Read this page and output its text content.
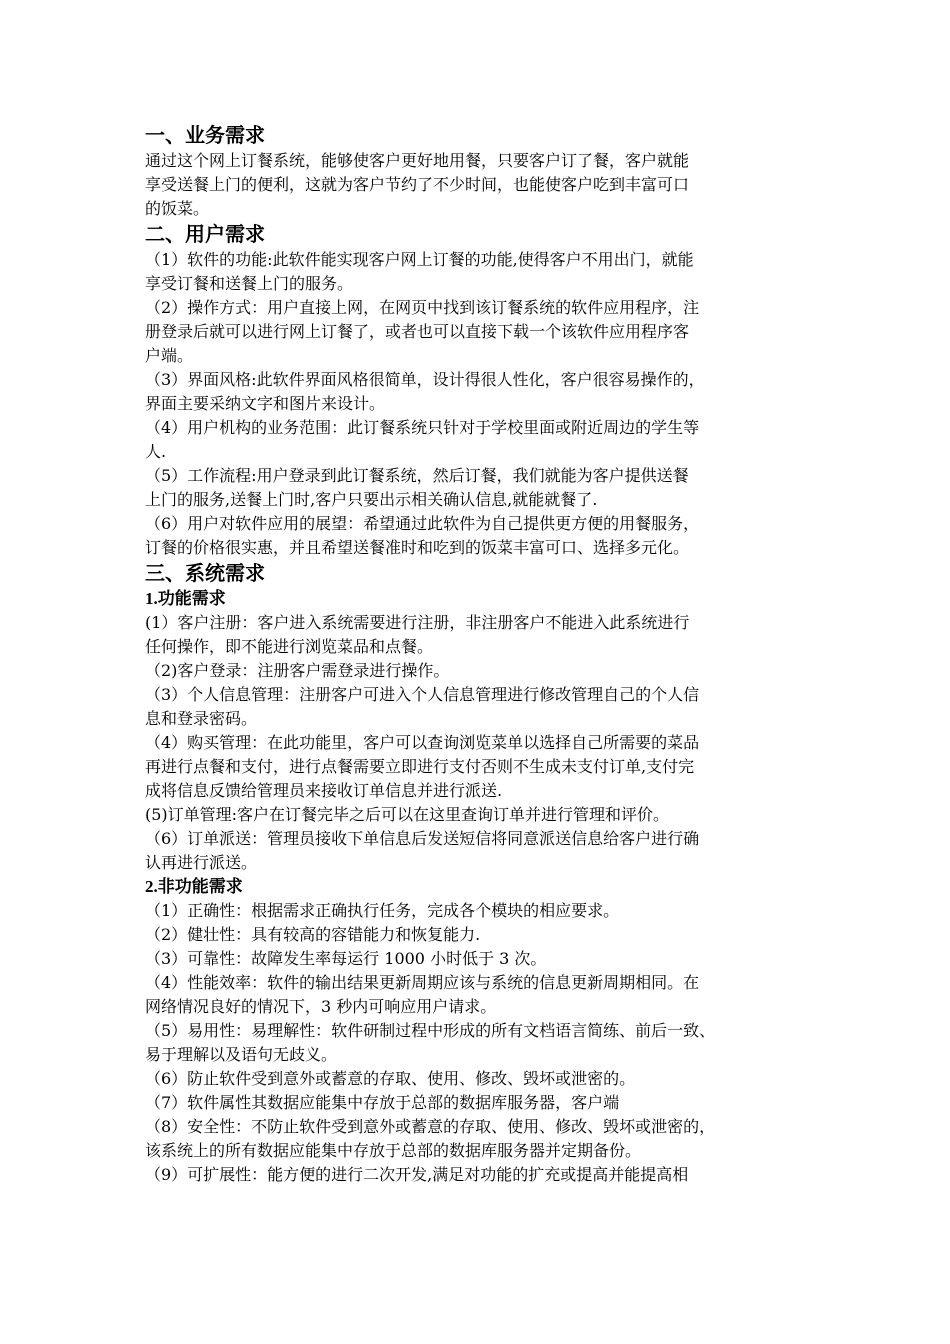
一、业务需求

通过这个网上订餐系统，能够使客户更好地用餐，只要客户订了餐，客户就能
享受送餐上门的便利，这就为客户节约了不少时间，也能使客户吃到丰富可口
的饭菜。

二、用户需求

（1）软件的功能:此软件能实现客户网上订餐的功能,使得客户不用出门，就能
享受订餐和送餐上门的服务。

（2）操作方式：用户直接上网，在网页中找到该订餐系统的软件应用程序，注
册登录后就可以进行网上订餐了，或者也可以直接下载一个该软件应用程序客
户端。

（3）界面风格:此软件界面风格很简单，设计得很人性化，客户很容易操作的，
界面主要采纳文字和图片来设计。

（4）用户机构的业务范围：此订餐系统只针对于学校里面或附近周边的学生等
人.

（5）工作流程:用户登录到此订餐系统，然后订餐，我们就能为客户提供送餐
上门的服务,送餐上门时,客户只要出示相关确认信息,就能就餐了.

（6）用户对软件应用的展望：希望通过此软件为自己提供更方便的用餐服务，
订餐的价格很实惠，并且希望送餐准时和吃到的饭菜丰富可口、选择多元化。

三、系统需求
1.功能需求

(1）客户注册：客户进入系统需要进行注册，非注册客户不能进入此系统进行
任何操作，即不能进行浏览菜品和点餐。

（2)客户登录：注册客户需登录进行操作。

（3）个人信息管理：注册客户可进入个人信息管理进行修改管理自己的个人信
息和登录密码。

（4）购买管理：在此功能里，客户可以查询浏览菜单以选择自己所需要的菜品
再进行点餐和支付，进行点餐需要立即进行支付否则不生成未支付订单,支付完
成将信息反馈给管理员来接收订单信息并进行派送.

(5)订单管理:客户在订餐完毕之后可以在这里查询订单并进行管理和评价。

（6）订单派送：管理员接收下单信息后发送短信将同意派送信息给客户进行确
认再进行派送。

2.非功能需求

（1）正确性：根据需求正确执行任务，完成各个模块的相应要求。

（2）健壮性：具有较高的容错能力和恢复能力.

（3）可靠性：故障发生率每运行 1000 小时低于 3 次。

（4）性能效率：软件的输出结果更新周期应该与系统的信息更新周期相同。在
网络情况良好的情况下，3 秒内可响应用户请求。

（5）易用性：易理解性：软件研制过程中形成的所有文档语言简练、前后一致、
易于理解以及语句无歧义。

（6）防止软件受到意外或蓄意的存取、使用、修改、毁坏或泄密的。

（7）软件属性其数据应能集中存放于总部的数据库服务器，客户端

（8）安全性：不防止软件受到意外或蓄意的存取、使用、修改、毁坏或泄密的，
该系统上的所有数据应能集中存放于总部的数据库服务器并定期备份。

（9）可扩展性：能方便的进行二次开发,满足对功能的扩充或提高并能提高相
